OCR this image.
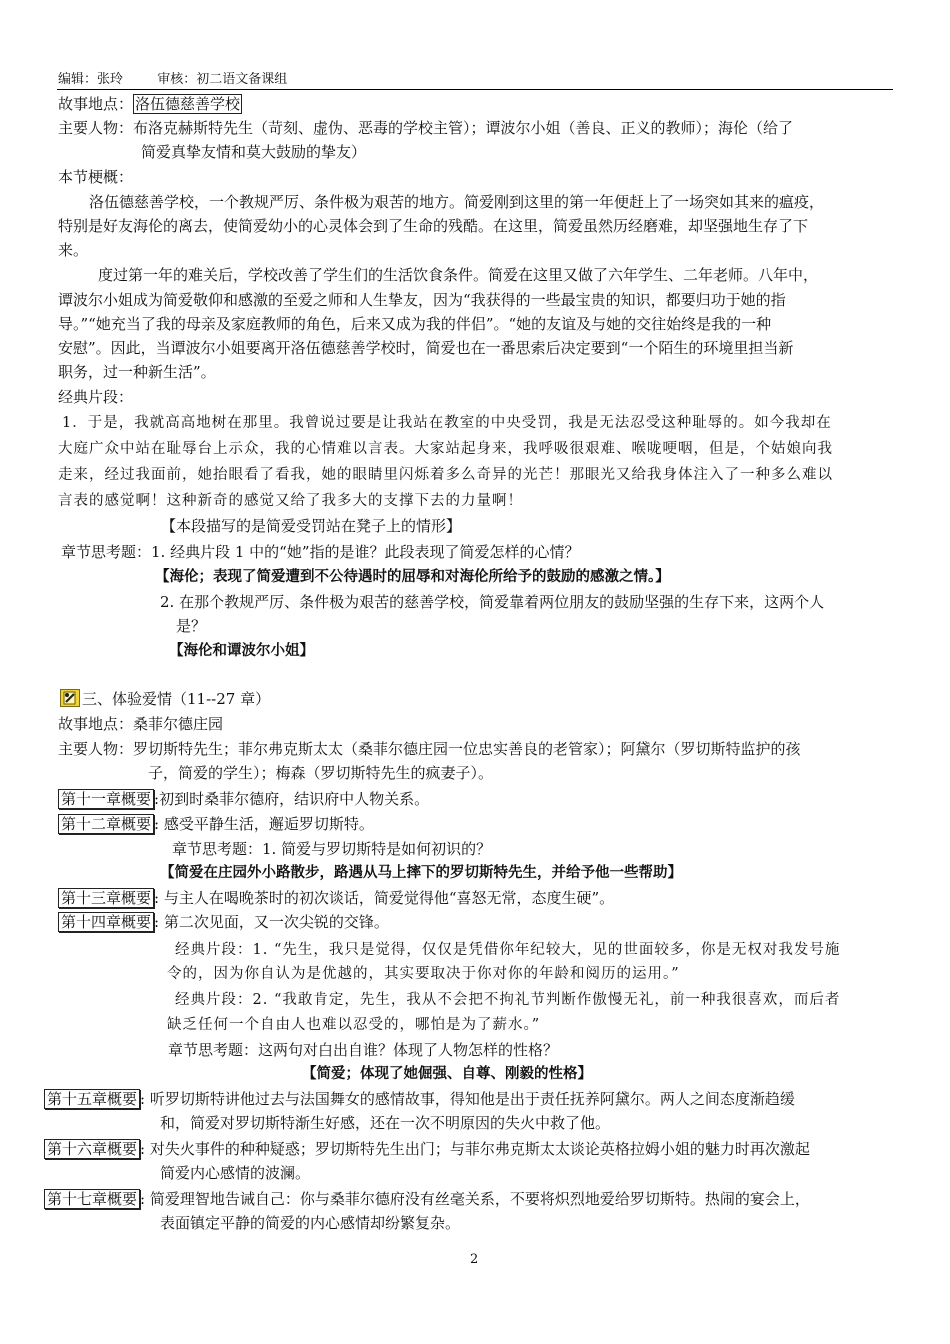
编辑：张玲	审核：初二语文备课组
故事地点： 洛伍德慈善学校
主要人物：布洛克赫斯特先生（苛刻、虚伪、恶毒的学校主管）；谭波尔小姐（善良、正义的教师）；海伦（给了
简爱真挚友情和莫大鼓励的挚友）
本节梗概：
洛伍德慈善学校，一个教规严厉、条件极为艰苦的地方。简爱刚到这里的第一年便赶上了一场突如其来的瘟疫，
特别是好友海伦的离去，使简爱幼小的心灵体会到了生命的残酷。在这里，简爱虽然历经磨难，却坚强地生存了下
来。
度过第一年的难关后，学校改善了学生们的生活饮食条件。简爱在这里又做了六年学生、二年老师。八年中，
谭波尔小姐成为简爱敬仰和感激的至爱之师和人生挚友，因为“我获得的一些最宝贵的知识，都要归功于她的指
导。”“她充当了我的母亲及家庭教师的角色，后来又成为我的伴侣”。“她的友谊及与她的交往始终是我的一种
安慰”。因此，当谭波尔小姐要离开洛伍德慈善学校时，简爱也在一番思索后决定要到“一个陌生的环境里担当新
职务，过一种新生活”。
经典片段：
1．于是，我就高高地树在那里。我曾说过要是让我站在教室的中央受罚，我是无法忍受这种耻辱的。如今我却在
大庭广众中站在耻辱台上示众，我的心情难以言表。大家站起身来，我呼吸很艰难、喉咙哽咽，但是，个姑娘向我
走来，经过我面前，她抬眼看了看我，她的眼睛里闪烁着多么奇异的光芒！那眼光又给我身体注入了一种多么难以
言表的感觉啊！这种新奇的感觉又给了我多大的支撑下去的力量啊！
【本段描写的是简爱受罚站在凳子上的情形】
章节思考题：1. 经典片段 1 中的“她”指的是谁？此段表现了简爱怎样的心情？
【海伦；表现了简爱遭到不公待遇时的屈辱和对海伦所给予的鼓励的感激之情。】
2. 在那个教规严厉、条件极为艰苦的慈善学校，简爱靠着两位朋友的鼓励坚强的生存下来，这两个人
是？
【海伦和谭波尔小姐】
三、体验爱情（11--27 章）
故事地点：桑菲尔德庄园
主要人物：罗切斯特先生；菲尔弗克斯太太（桑菲尔德庄园一位忠实善良的老管家）；阿黛尔（罗切斯特监护的孩
子，简爱的学生）；梅森（罗切斯特先生的疯妻子）。
第十一章概要 :初到时桑菲尔德府，结识府中人物关系。
第十二章概要 : 感受平静生活，邂逅罗切斯特。
章节思考题：1. 简爱与罗切斯特是如何初识的？
【简爱在庄园外小路散步，路遇从马上摔下的罗切斯特先生，并给予他一些帮助】
第十三章概要 : 与主人在喝晚茶时的初次谈话，简爱觉得他“喜怒无常，态度生硬”。
第十四章概要 : 第二次见面，又一次尖锐的交锋。
经典片段：1. “先生，我只是觉得，仅仅是凭借你年纪较大，见的世面较多，你是无权对我发号施
令的，因为你自认为是优越的，其实要取决于你对你的年龄和阅历的运用。”
经典片段：2. “我敢肯定，先生，我从不会把不拘礼节判断作傲慢无礼，前一种我很喜欢，而后者
缺乏任何一个自由人也难以忍受的，哪怕是为了薪水。”
章节思考题：这两句对白出自谁？体现了人物怎样的性格？
【简爱；体现了她倔强、自尊、刚毅的性格】
第十五章概要 : 听罗切斯特讲他过去与法国舞女的感情故事，得知他是出于责任抚养阿黛尔。两人之间态度渐趋缓
和，简爱对罗切斯特渐生好感，还在一次不明原因的失火中救了他。
第十六章概要 : 对失火事件的种种疑惑；罗切斯特先生出门；与菲尔弗克斯太太谈论英格拉姆小姐的魅力时再次激起
简爱内心感情的波澜。
第十七章概要 : 简爱理智地告诫自己：你与桑菲尔德府没有丝毫关系，不要将炽烈地爱给罗切斯特。热闹的宴会上，
表面镇定平静的简爱的内心感情却纷繁复杂。
2
